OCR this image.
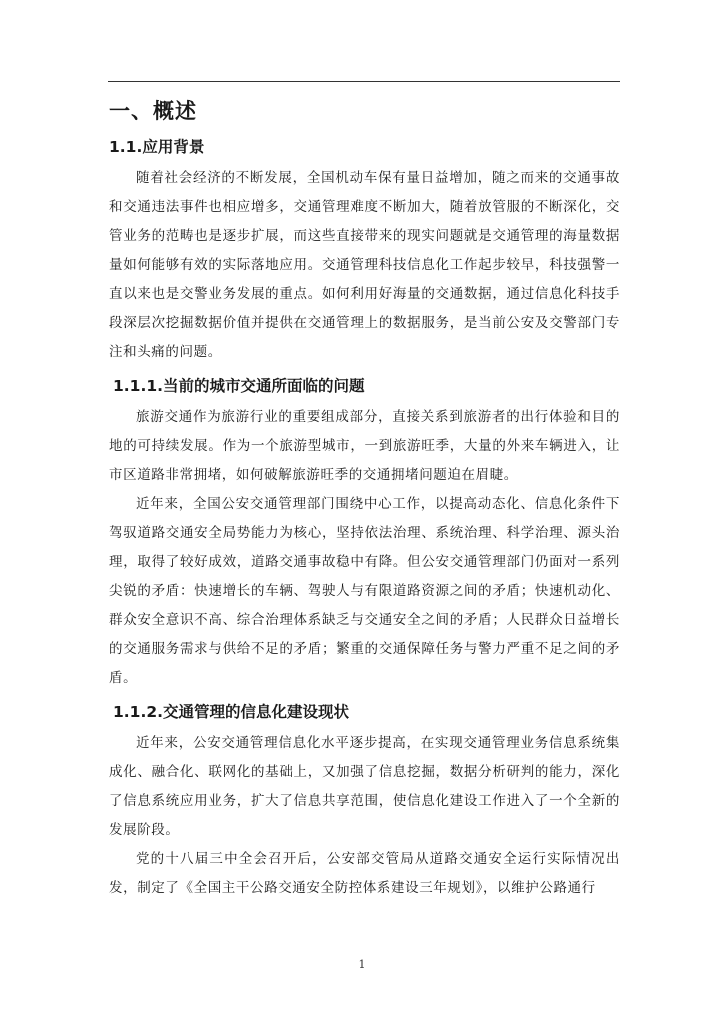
一、概述
1.1.应用背景

随着社会经济的不断发展，全国机动车保有量日益增加，随之而来的交通事故和交通违法事件也相应增多，交通管理难度不断加大，随着放管服的不断深化，交管业务的范畴也是逐步扩展，而这些直接带来的现实问题就是交通管理的海量数据量如何能够有效的实际落地应用。交通管理科技信息化工作起步较早，科技强警一直以来也是交警业务发展的重点。如何利用好海量的交通数据，通过信息化科技手段深层次挖掘数据价值并提供在交通管理上的数据服务，是当前公安及交警部门专注和头痛的问题。

1.1.1.当前的城市交通所面临的问题

旅游交通作为旅游行业的重要组成部分，直接关系到旅游者的出行体验和目的地的可持续发展。作为一个旅游型城市，一到旅游旺季，大量的外来车辆进入，让市区道路非常拥堵，如何破解旅游旺季的交通拥堵问题迫在眉睫。

近年来，全国公安交通管理部门围绕中心工作，以提高动态化、信息化条件下驾驭道路交通安全局势能力为核心，坚持依法治理、系统治理、科学治理、源头治理，取得了较好成效，道路交通事故稳中有降。但公安交通管理部门仍面对一系列尖锐的矛盾：快速增长的车辆、驾驶人与有限道路资源之间的矛盾；快速机动化、群众安全意识不高、综合治理体系缺乏与交通安全之间的矛盾；人民群众日益增长的交通服务需求与供给不足的矛盾；繁重的交通保障任务与警力严重不足之间的矛盾。

1.1.2.交通管理的信息化建设现状

近年来，公安交通管理信息化水平逐步提高，在实现交通管理业务信息系统集成化、融合化、联网化的基础上，又加强了信息挖掘，数据分析研判的能力，深化了信息系统应用业务，扩大了信息共享范围，使信息化建设工作进入了一个全新的发展阶段。

党的十八届三中全会召开后，公安部交管局从道路交通安全运行实际情况出发，制定了《全国主干公路交通安全防控体系建设三年规划》，以维护公路通行

1
